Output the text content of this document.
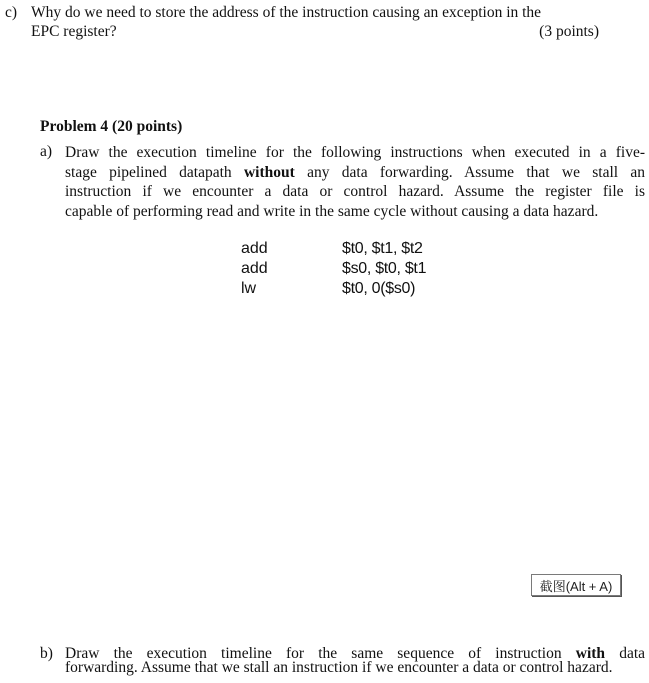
c) Why do we need to store the address of the instruction causing an exception in the
EPC register?	(3 points)
Problem 4 (20 points)
a) Draw the execution timeline for the following instructions when executed in a five-
stage pipelined datapath without any data forwarding. Assume that we stall an
instruction if we encounter a data or control hazard. Assume the register file is
capable of performing read and write in the same cycle without causing a data hazard.
add	$t0, $t1, $t2
add	$s0, $t0, $t1
lw	$t0, 0($s0)
截图(Alt + A)
b) Draw the execution timeline for the same sequence of instruction with data
forwarding. Assume that we stall an instruction if we encounter a data or control hazard.
